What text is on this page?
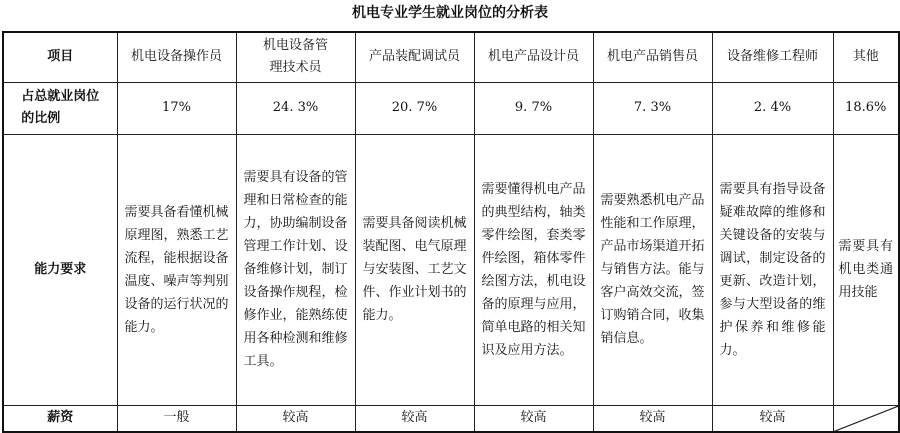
机电专业学生就业岗位的分析表
项目	机电设备操作员	机电设备管理技术员	产品装配调试员	机电产品设计员	机电产品销售员	设备维修工程师	其他

占总就业岗位的比例	17%	24. 3%	20. 7%	9. 7%	7. 3%	2. 4%	18.6%
能力要求	需要具备看懂机械原理图，熟悉工艺流程，能根据设备温度、噪声等判别设备的运行状况的能力。	需要具有设备的管理和日常检查的能力，协助编制设备管理工作计划、设备维修计划，制订设备操作规程，检修作业，能熟练使用各种检测和维修工具。	需要具备阅读机械装配图、电气原理与安装图、工艺文件、作业计划书的能力。	需要懂得机电产品的典型结构，轴类零件绘图，套类零件绘图，箱体零件绘图方法，机电设备的原理与应用，简单电路的相关知识及应用方法。	需要熟悉机电产品性能和工作原理，产品市场渠道开拓与销售方法。能与客户高效交流，签订购销合同，收集销信息。	需要具有指导设备疑难故障的维修和关键设备的安装与调试，制定设备的更新、改造计划，参与大型设备的维护保养和维修能力。	需要具有机电类通用技能
薪资	一般	较高	较高	较高	较高	较高	
